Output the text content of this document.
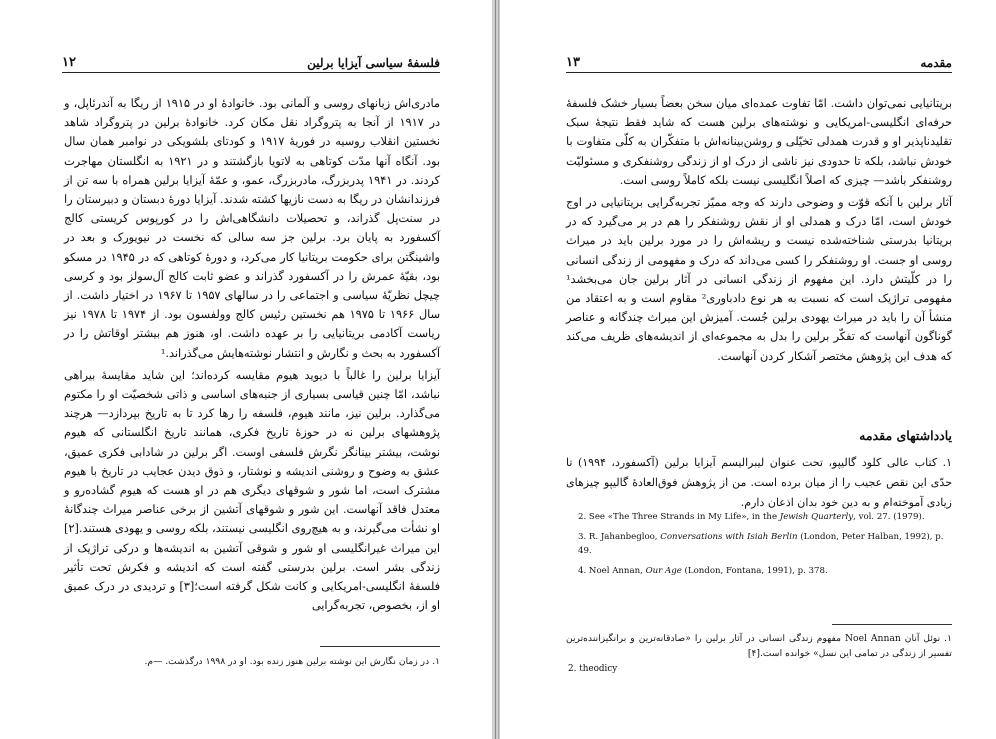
۱۲	فلسفهٔ سیاسی آیزایا برلین

مادری‌اش زبانهای روسی و آلمانی بود. خانوادهٔ او در ۱۹۱۵ از ریگا به آندرئاپل، و در ۱۹۱۷ از آنجا به پتروگراد نقل مکان کرد. خانوادهٔ برلین در پتروگراد شاهد نخستین انقلاب روسیه در فوریهٔ ۱۹۱۷ و کودتای بلشویکی در نوامبر همان سال بود. آنگاه آنها مدّت کوتاهی به لاتویا بازگشتند و در ۱۹۲۱ به انگلستان مهاجرت کردند. در ۱۹۴۱ پدربزرگ، مادربزرگ، عمو، و عمّهٔ آیزایا برلین همراه با سه تن از فرزندانشان در ریگا به دست نازیها کشته شدند. آیزایا دورهٔ دبستان و دبیرستان را در سنت‌پل گذراند، و تحصیلات دانشگاهی‌اش را در کورپوس کریستی کالج آکسفورد به پایان برد. برلین جز سه سالی که نخست در نیویورک و بعد در واشینگتن برای حکومت بریتانیا کار می‌کرد، و دورهٔ کوتاهی که در ۱۹۴۵ در مسکو بود، بقیّهٔ عمرش را در آکسفورد گذراند و عضو ثابت کالج آل‌سولز بود و کرسی چیچل نظریّهٔ سیاسی و اجتماعی را در سالهای ۱۹۵۷ تا ۱۹۶۷ در اختیار داشت. از سال ۱۹۶۶ تا ۱۹۷۵ هم نخستین رئیس کالج وولفسون بود. از ۱۹۷۴ تا ۱۹۷۸ نیز ریاست آکادمی بریتانیایی را بر عهده داشت. او، هنوز هم بیشتر اوقاتش را در آکسفورد به بحث و نگارش و انتشار نوشته‌هایش می‌گذراند.¹

آیزایا برلین را غالباً با دیوید هیوم مقایسه کرده‌اند؛ این شاید مقایسهٔ بیراهی نباشد، امّا چنین قیاسی بسیاری از جنبه‌های اساسی و ذاتی شخصیّت او را مکتوم می‌گذارد. برلین نیز، مانند هیوم، فلسفه را رها کرد تا به تاریخ بپردازد— هرچند پژوهشهای برلین نه در حوزهٔ تاریخ فکری، همانند تاریخ انگلستانی که هیوم نوشت، بیشتر بینانگر نگرش فلسفی اوست. اگر برلین در شادابی فکری عمیق، عشق به وضوح و روشنی اندیشه و نوشتار، و ذوق دیدن عجایب در تاریخ با هیوم مشترک است، اما شور و شوقهای دیگری هم در او هست که هیوم گشاده‌رو و معتدل فاقد آنهاست. این شور و شوقهای آتشین از برخی عناصر میراث چندگانهٔ او نشأت می‌گیرند، و به هیچ‌روی انگلیسی نیستند، بلکه روسی و یهودی هستند.[۲] این میراث غیرانگلیسی او شور و شوقی آتشین به اندیشه‌ها و درکی تراژیک از زندگی بشر است. برلین بدرستی گفته است که اندیشه و فکرش تحت تأثیر فلسفهٔ انگلیسی-امریکایی و کانت شکل گرفته است؛[۳] و تردیدی در درک عمیق او از، بخصوص، تجربه‌گرایی

۱. در زمان نگارش این نوشته برلین هنوز زنده بود. او در ۱۹۹۸ درگذشت. —م.
۱۳	مقدمه

بریتانیایی نمی‌توان داشت. امّا تفاوت عمده‌ای میان سخن بعضاً بسیار خشک فلسفهٔ حرفه‌ای انگلیسی-امریکایی و نوشته‌های برلین هست که شاید فقط نتیجهٔ سبک تقلیدناپذیر او و قدرت همدلی تخیّلی و روشن‌بینانه‌اش با متفکّران به کلّی متفاوت با خودش نباشد، بلکه تا حدودی نیز ناشی از درک او از زندگی روشنفکری و مسئولیّت روشنفکر باشد— چیزی که اصلاً انگلیسی نیست بلکه کاملاً روسی است.

آثار برلین با آنکه قوّت و وضوحی دارند که وجه ممیّز تجربه‌گرایی بریتانیایی در اوج خودش است، امّا درک و همدلی او از نقش روشنفکر را هم در بر می‌گیرد که در بریتانیا بدرستی شناخته‌شده نیست و ریشه‌اش را در مورد برلین باید در میراث روسی او جست. او روشنفکر را کسی می‌داند که درک و مفهومی از زندگی انسانی را در کلّیتش دارد. این مفهوم از زندگی انسانی در آثار برلین جان می‌بخشد¹ مفهومی تراژیک است که نسبت به هر نوع دادباوری² مقاوم است و به اعتقاد من منشأ آن را باید در میراث یهودی برلین جُست. آمیزش این میراث چندگانه و عناصر گوناگون آنهاست که تفکّر برلین را بدل به مجموعه‌ای از اندیشه‌های ظریف می‌کند که هدف این پژوهش مختصر آشکار کردن آنهاست.

یادداشتهای مقدمه
۱. کتاب عالی کلود گالیپو، تحت عنوان لیبرالیسم آیزایا برلین (آکسفورد، ۱۹۹۴) تا حدّی این نقص عجیب را از میان برده است. من از پژوهش فوق‌العادهٔ گالیپو چیزهای زیادی آموخته‌ام و به دین خود بدان اذعان دارم.
2. See «The Three Strands in My Life», in the Jewish Quarterly, vol. 27. (1979).
3. R. Jahanbegloo, Conversations with Isiah Berlin (London, Peter Halban, 1992), p. 49.
4. Noel Annan, Our Age (London, Fontana, 1991), p. 378.
۱. نوئل آنان Noel Annan مفهوم زندگی انسانی در آثار برلین را «صادقانه‌ترین و برانگیزاننده‌ترین تفسیر از زندگی در تمامی این نسل» خوانده است.[۴]
2. theodicy
